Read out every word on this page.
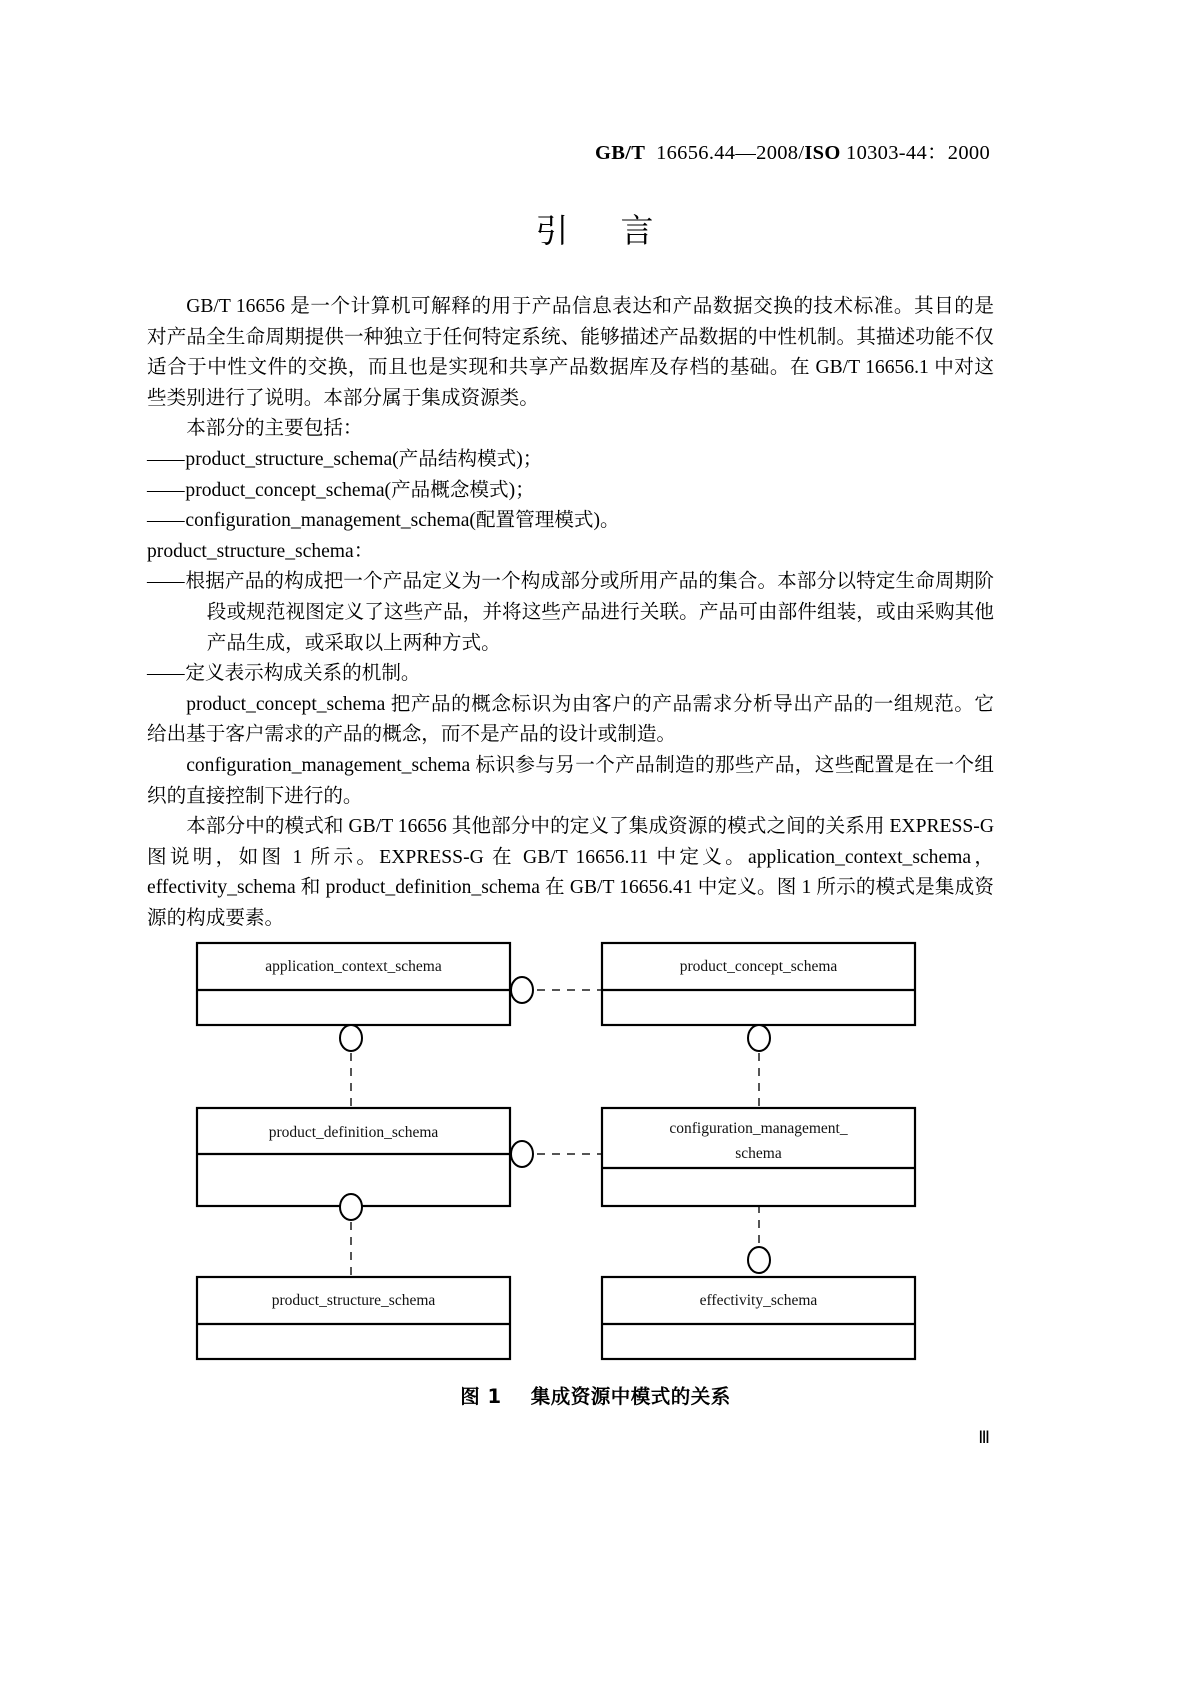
GB/T  16656.44—2008/ISO 10303-44：2000

引    言

GB/T 16656 是一个计算机可解释的用于产品信息表达和产品数据交换的技术标准。其目的是对产品全生命周期提供一种独立于任何特定系统、能够描述产品数据的中性机制。其描述功能不仅适合于中性文件的交换，而且也是实现和共享产品数据库及存档的基础。在 GB/T 16656.1 中对这些类别进行了说明。本部分属于集成资源类。

本部分的主要包括：

—— product_structure_schema(产品结构模式)；

—— product_concept_schema(产品概念模式)；

—— configuration_management_schema(配置管理模式)。

product_structure_schema：

—— 根据产品的构成把一个产品定义为一个构成部分或所用产品的集合。本部分以特定生命周期阶段或规范视图定义了这些产品，并将这些产品进行关联。产品可由部件组装，或由采购其他产品生成，或采取以上两种方式。

—— 定义表示构成关系的机制。

product_concept_schema 把产品的概念标识为由客户的产品需求分析导出产品的一组规范。它给出基于客户需求的产品的概念，而不是产品的设计或制造。

configuration_management_schema 标识参与另一个产品制造的那些产品，这些配置是在一个组织的直接控制下进行的。

本部分中的模式和 GB/T 16656 其他部分中的定义了集成资源的模式之间的关系用 EXPRESS-G 图说明，如图 1 所示。EXPRESS-G 在 GB/T 16656.11 中定义。application_context_schema，effectivity_schema 和 product_definition_schema 在 GB/T 16656.41 中定义。图 1 所示的模式是集成资源的构成要素。

application_context_schema	product_concept_schema
product_definition_schema	configuration_management_
schema
product_structure_schema	effectivity_schema
图 1    集成资源中模式的关系
Ⅲ
